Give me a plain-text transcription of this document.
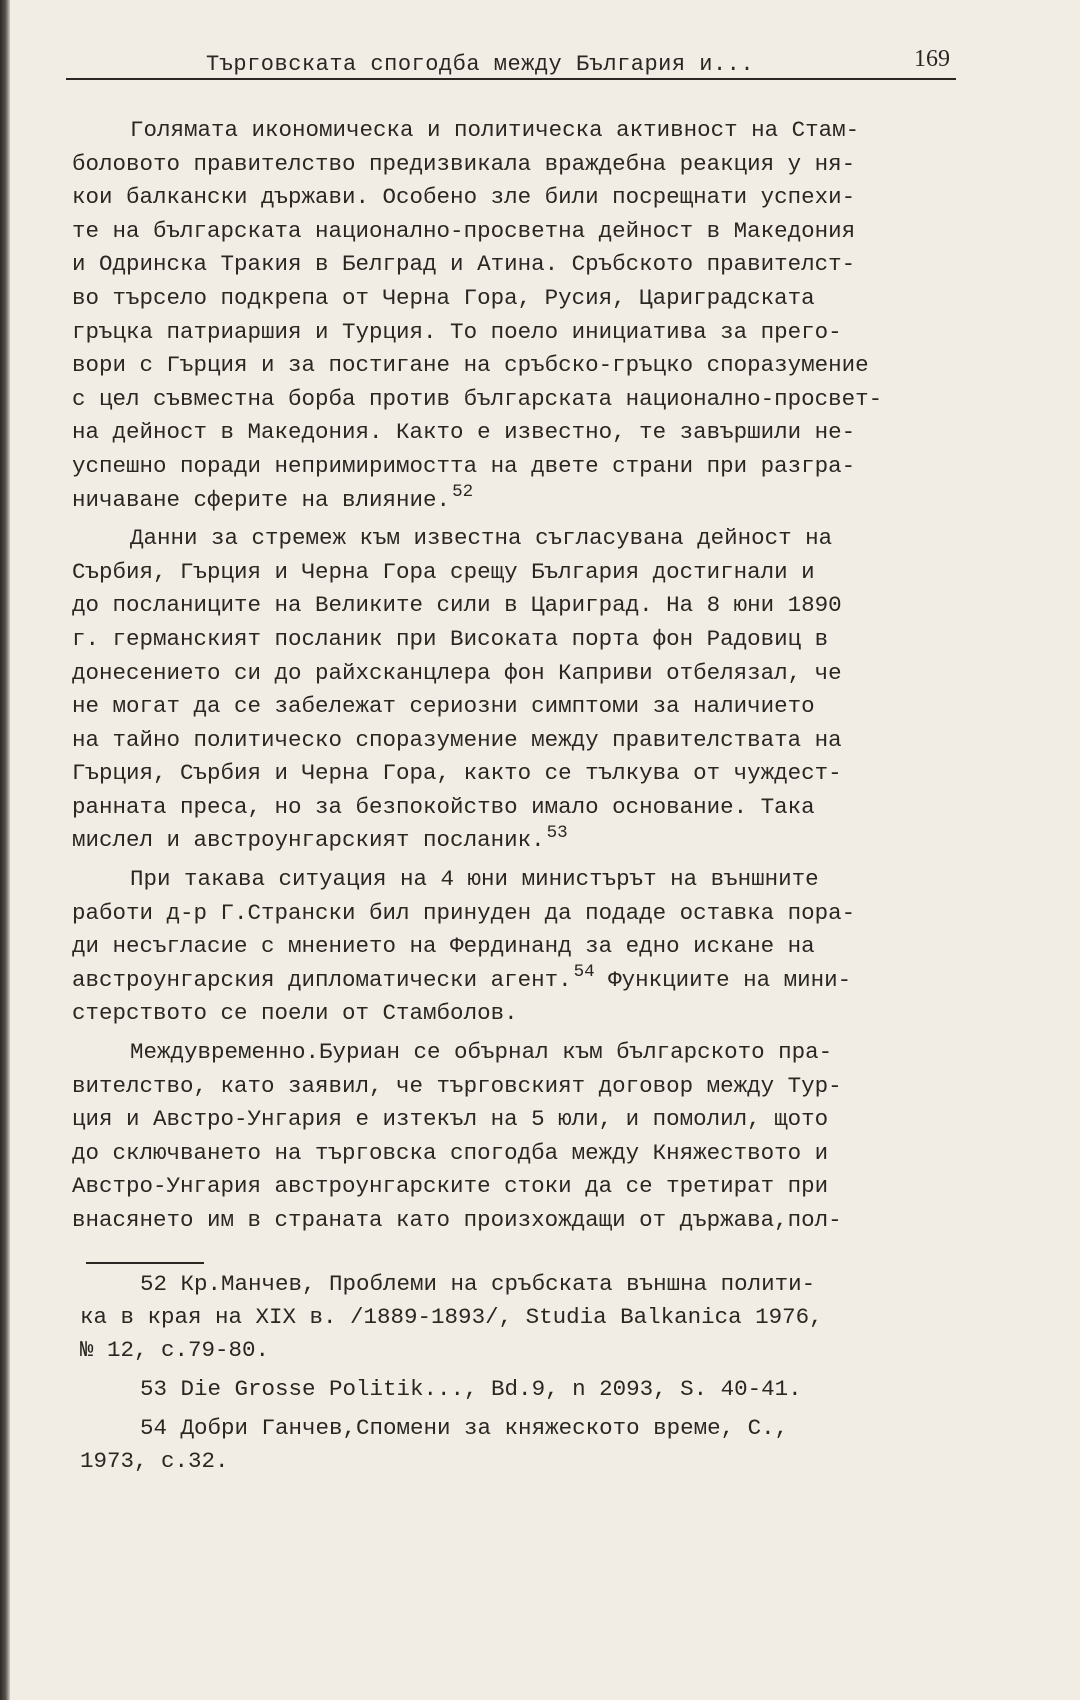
Търговската спогодба между България и...	169

Голямата икономическа и политическа активност на Стам-
боловото правителство предизвикала враждебна реакция у ня-
кои балкански държави. Особено зле били посрещнати успехи-
те на българската национално-просветна дейност в Македония
и Одринска Тракия в Белград и Атина. Сръбското правителст-
во търсело подкрепа от Черна Гора, Русия, Цариградската
гръцка патриаршия и Турция. То поело инициатива за прего-
вори с Гърция и за постигане на сръбско-гръцко споразумение
с цел съвместна борба против българската национално-просвет-
на дейност в Македония. Както е известно, те завършили не-
успешно поради непримиримостта на двете страни при разгра-
ничаване сферите на влияние. $^{52}$

Данни за стремеж към известна съгласувана дейност на
Сърбия, Гърция и Черна Гора срещу България достигнали и
до посланиците на Великите сили в Цариград. На 8 юни 1890
г. германският посланик при Високата порта фон Радовиц в
донесението си до райхсканцлера фон Каприви отбелязал, че
не могат да се забележат сериозни симптоми за наличието
на тайно политическо споразумение между правителствата на
Гърция, Сърбия и Черна Гора, както се тълкува от чуждест-
ранната преса, но за безпокойство имало основание. Така
мислел и австроунгарският посланик. $^{53}$

При такава ситуация на 4 юни министърът на външните
работи д-р Г.Странски бил принуден да подаде оставка пора-
ди несъгласие с мнението на Фердинанд за едно искане на
австроунгарския дипломатически агент. $^{54}$ Функциите на мини-
стерството се поели от Стамболов.

Междувременно.Буриан се обърнал към българското пра-
вителство, като заявил, че търговският договор между Тур-
ция и Австро-Унгария е изтекъл на 5 юли, и помолил, щото
до сключването на търговска спогодба между Княжеството и
Австро-Унгария австроунгарските стоки да се третират при
внасянето им в страната като произхождащи от държава,пол-

52 Кр.Манчев, Проблеми на сръбската външна полити-
ка в края на XIX в. /1889-1893/, Studia Balkanica 1976,
№ 12, с.79-80.
53 Die Grosse Politik..., Bd.9, n 2093, S. 40-41.
54 Добри Ганчев,Спомени за княжеското време, С.,
1973, с.32.
